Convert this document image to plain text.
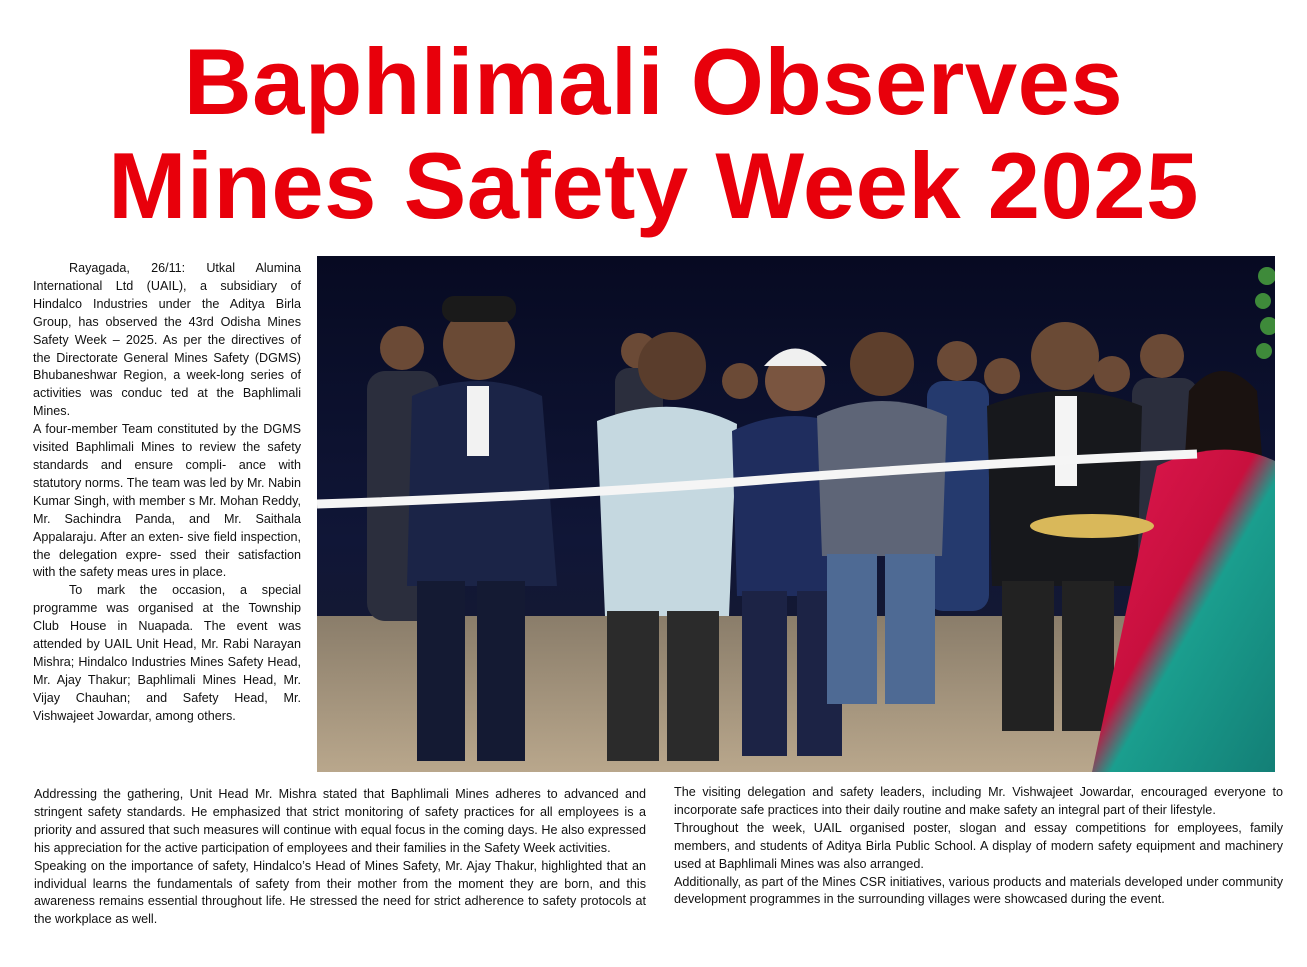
Baphlimali Observes
Mines Safety Week 2025

Rayagada, 26/11: Utkal Alumina International Ltd (UAIL), a subsidiary of Hindalco Industries under the Aditya Birla Group, has observed the 43rd Odisha Mines Safety Week – 2025. As per the directives of the Directorate General Mines Safety (DGMS) Bhubaneshwar Region, a week-long series of activities was conduc ted at the Baphlimali Mines.

A four-member Team constituted by the DGMS visited Baphlimali Mines to review the safety standards and ensure compli- ance with statutory norms. The team was led by Mr. Nabin Kumar Singh, with member s Mr. Mohan Reddy, Mr. Sachindra Panda, and Mr. Saithala Appalaraju. After an exten- sive field inspection, the delegation expre- ssed their satisfaction with the safety meas ures in place.

To mark the occasion, a special programme was organised at the Township Club House in Nuapada. The event was attended by UAIL Unit Head, Mr. Rabi Narayan Mishra; Hindalco Industries Mines Safety Head, Mr. Ajay Thakur; Baphlimali Mines Head, Mr. Vijay Chauhan; and Safety Head, Mr. Vishwajeet Jowardar, among others.

Addressing the gathering, Unit Head Mr. Mishra stated that Baphlimali Mines adheres to advanced and stringent safety standards. He emphasized that strict monitoring of safety practices for all employees is a priority and assured that such measures will continue with equal focus in the coming days. He also expressed his appreciation for the active participation of employees and their families in the Safety Week activities.

Speaking on the importance of safety, Hindalco’s Head of Mines Safety, Mr. Ajay Thakur, highlighted that an individual learns the fundamentals of safety from their mother from the moment they are born, and this awareness remains essential throughout life. He stressed the need for strict adherence to safety protocols at the workplace as well.

The visiting delegation and safety leaders, including Mr. Vishwajeet Jowardar, encouraged everyone to incorporate safe practices into their daily routine and make safety an integral part of their lifestyle.

Throughout the week, UAIL organised poster, slogan and essay competitions for employees, family members, and students of Aditya Birla Public School. A display of modern safety equipment and machinery used at Baphlimali Mines was also arranged.

Additionally, as part of the Mines CSR initiatives, various products and materials developed under community development programmes in the surrounding villages were showcased during the event.
